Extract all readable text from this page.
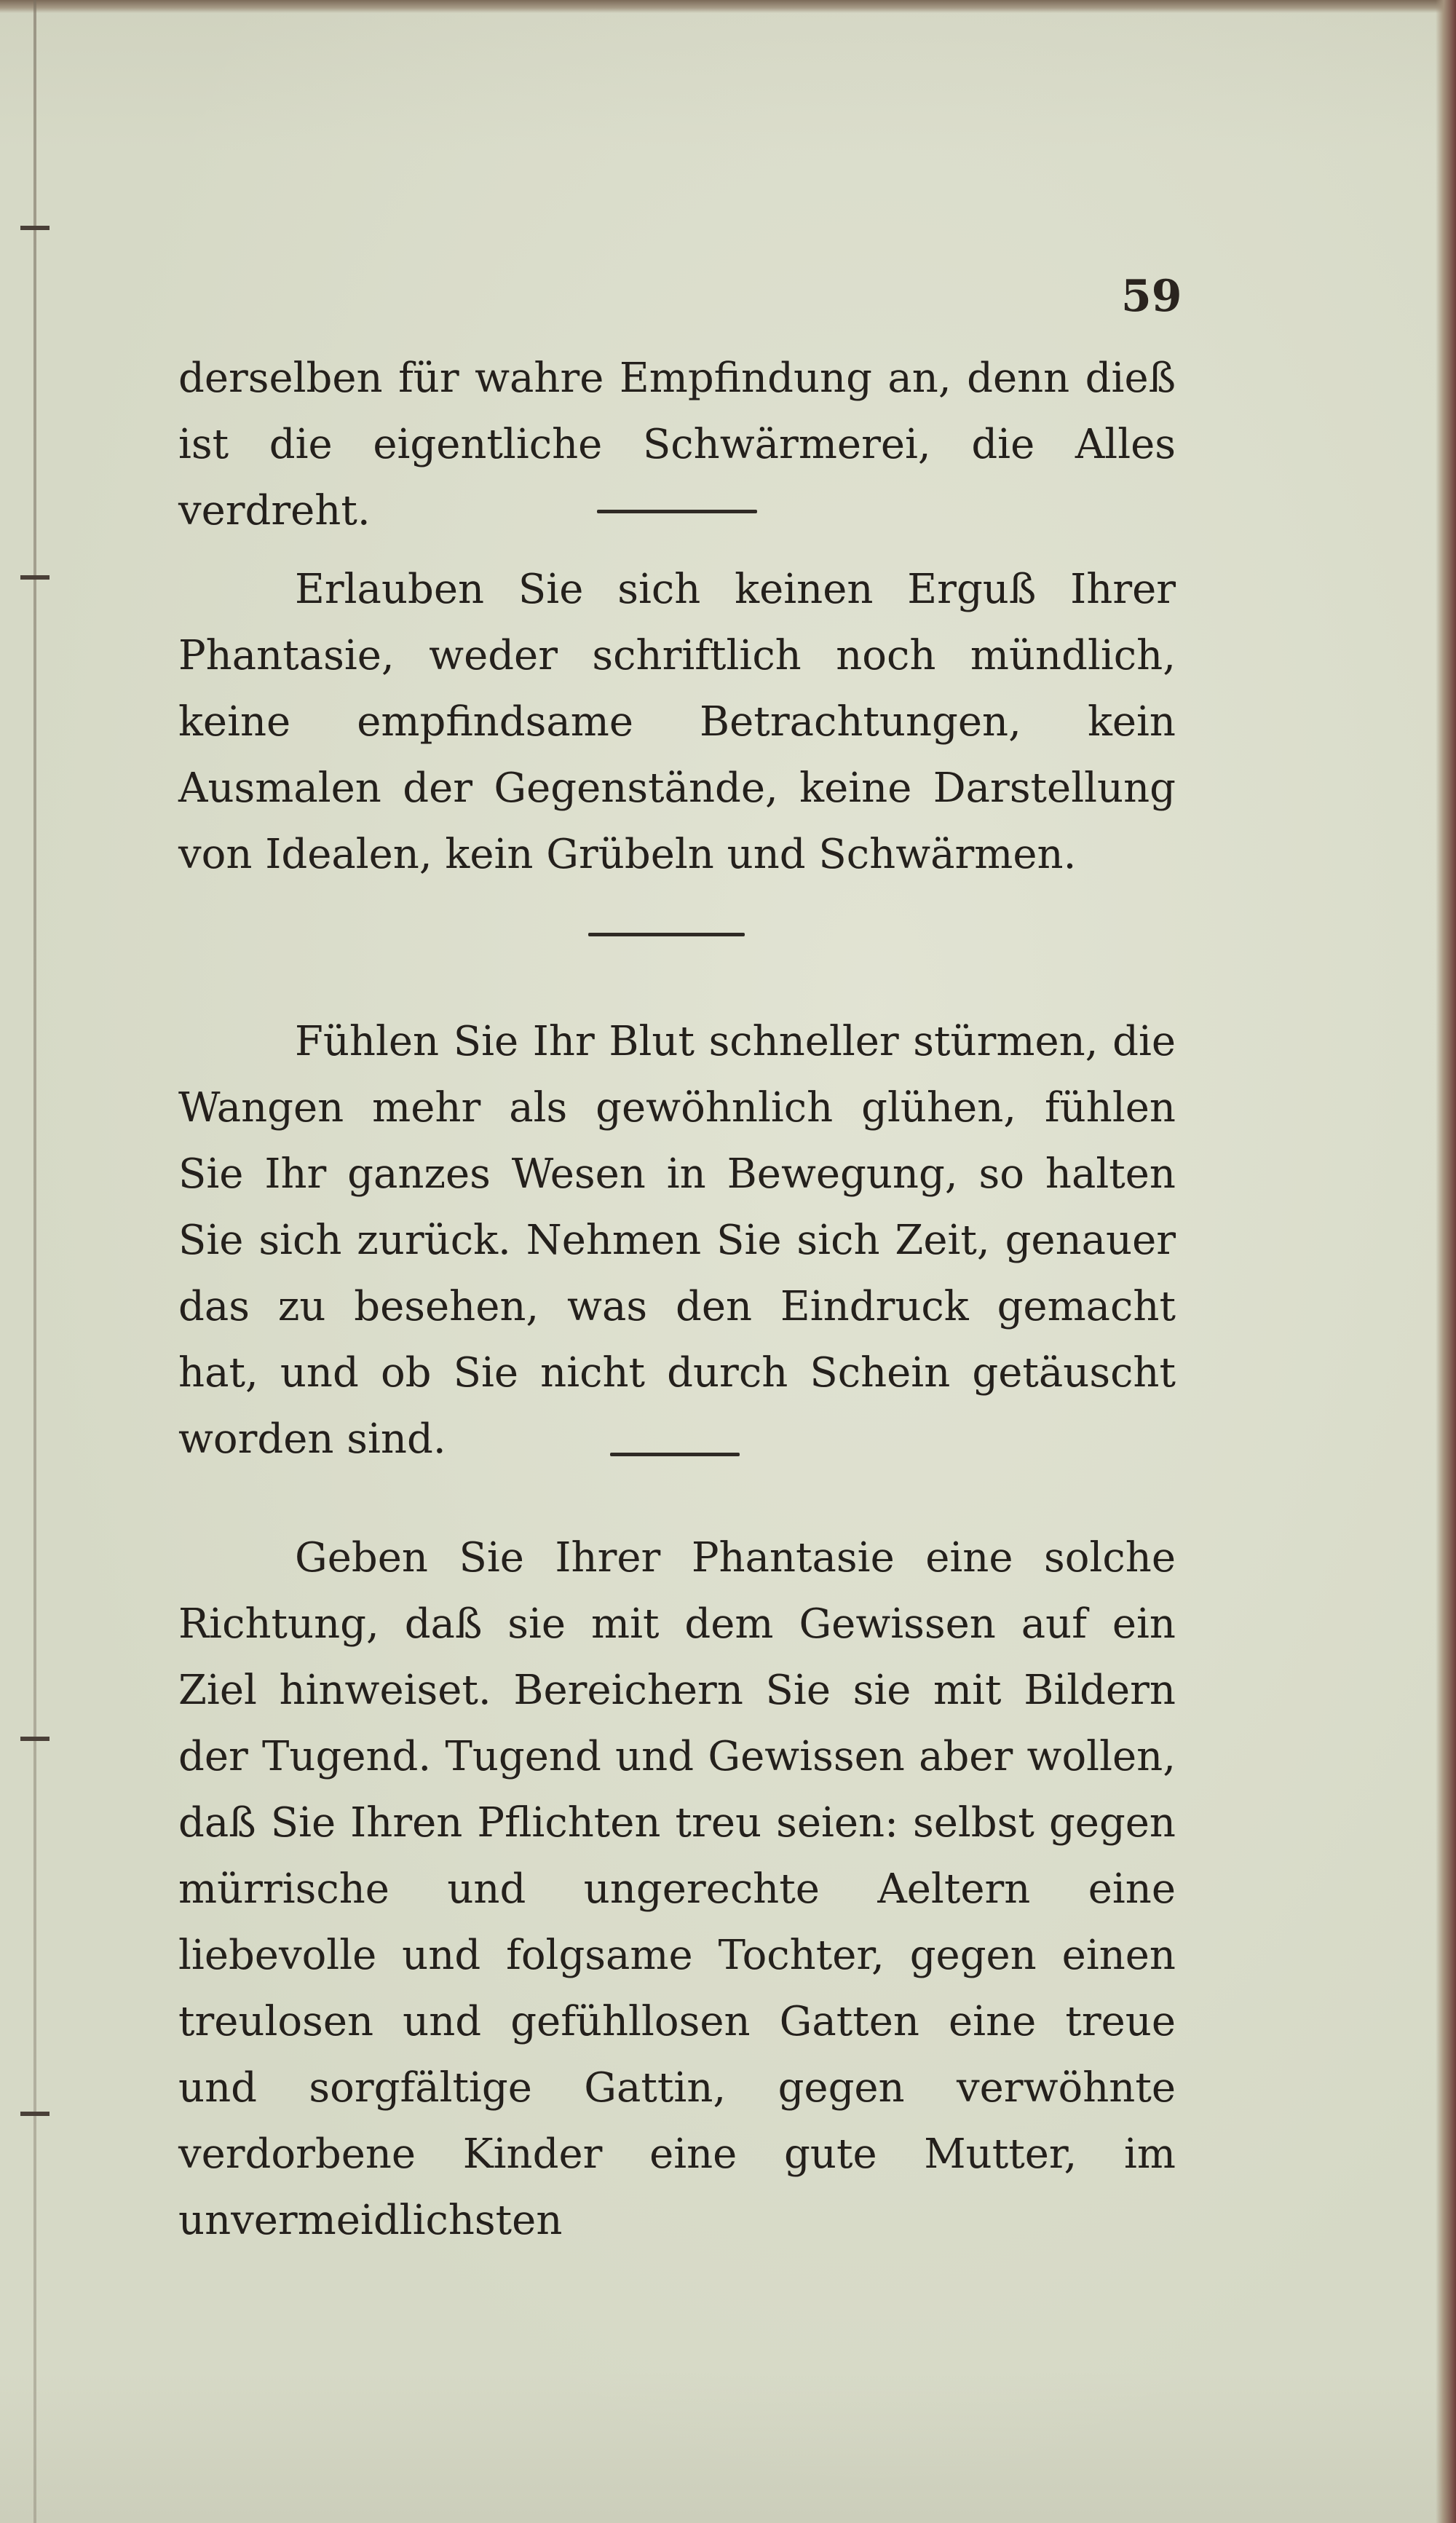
59

derselben für wahre Empfindung an, denn dieß ist die eigentliche Schwärmerei, die Alles verdreht.

Erlauben Sie sich keinen Erguß Ihrer Phantasie, weder schriftlich noch mündlich, keine empfindsame Betrachtungen, kein Ausmalen der Gegenstände, keine Darstellung von Idealen, kein Grübeln und Schwärmen.

Fühlen Sie Ihr Blut schneller stürmen, die Wangen mehr als gewöhnlich glühen, fühlen Sie Ihr ganzes Wesen in Bewegung, so halten Sie sich zurück. Nehmen Sie sich Zeit, genauer das zu besehen, was den Eindruck gemacht hat, und ob Sie nicht durch Schein getäuscht worden sind.

Geben Sie Ihrer Phantasie eine solche Richtung, daß sie mit dem Gewissen auf ein Ziel hinweiset. Bereichern Sie sie mit Bildern der Tugend. Tugend und Gewissen aber wollen, daß Sie Ihren Pflichten treu seien: selbst gegen mürrische und ungerechte Aeltern eine liebevolle und folgsame Tochter, gegen einen treulosen und gefühllosen Gatten eine treue und sorgfältige Gattin, gegen verwöhnte verdorbene Kinder eine gute Mutter, im unvermeidlichsten
